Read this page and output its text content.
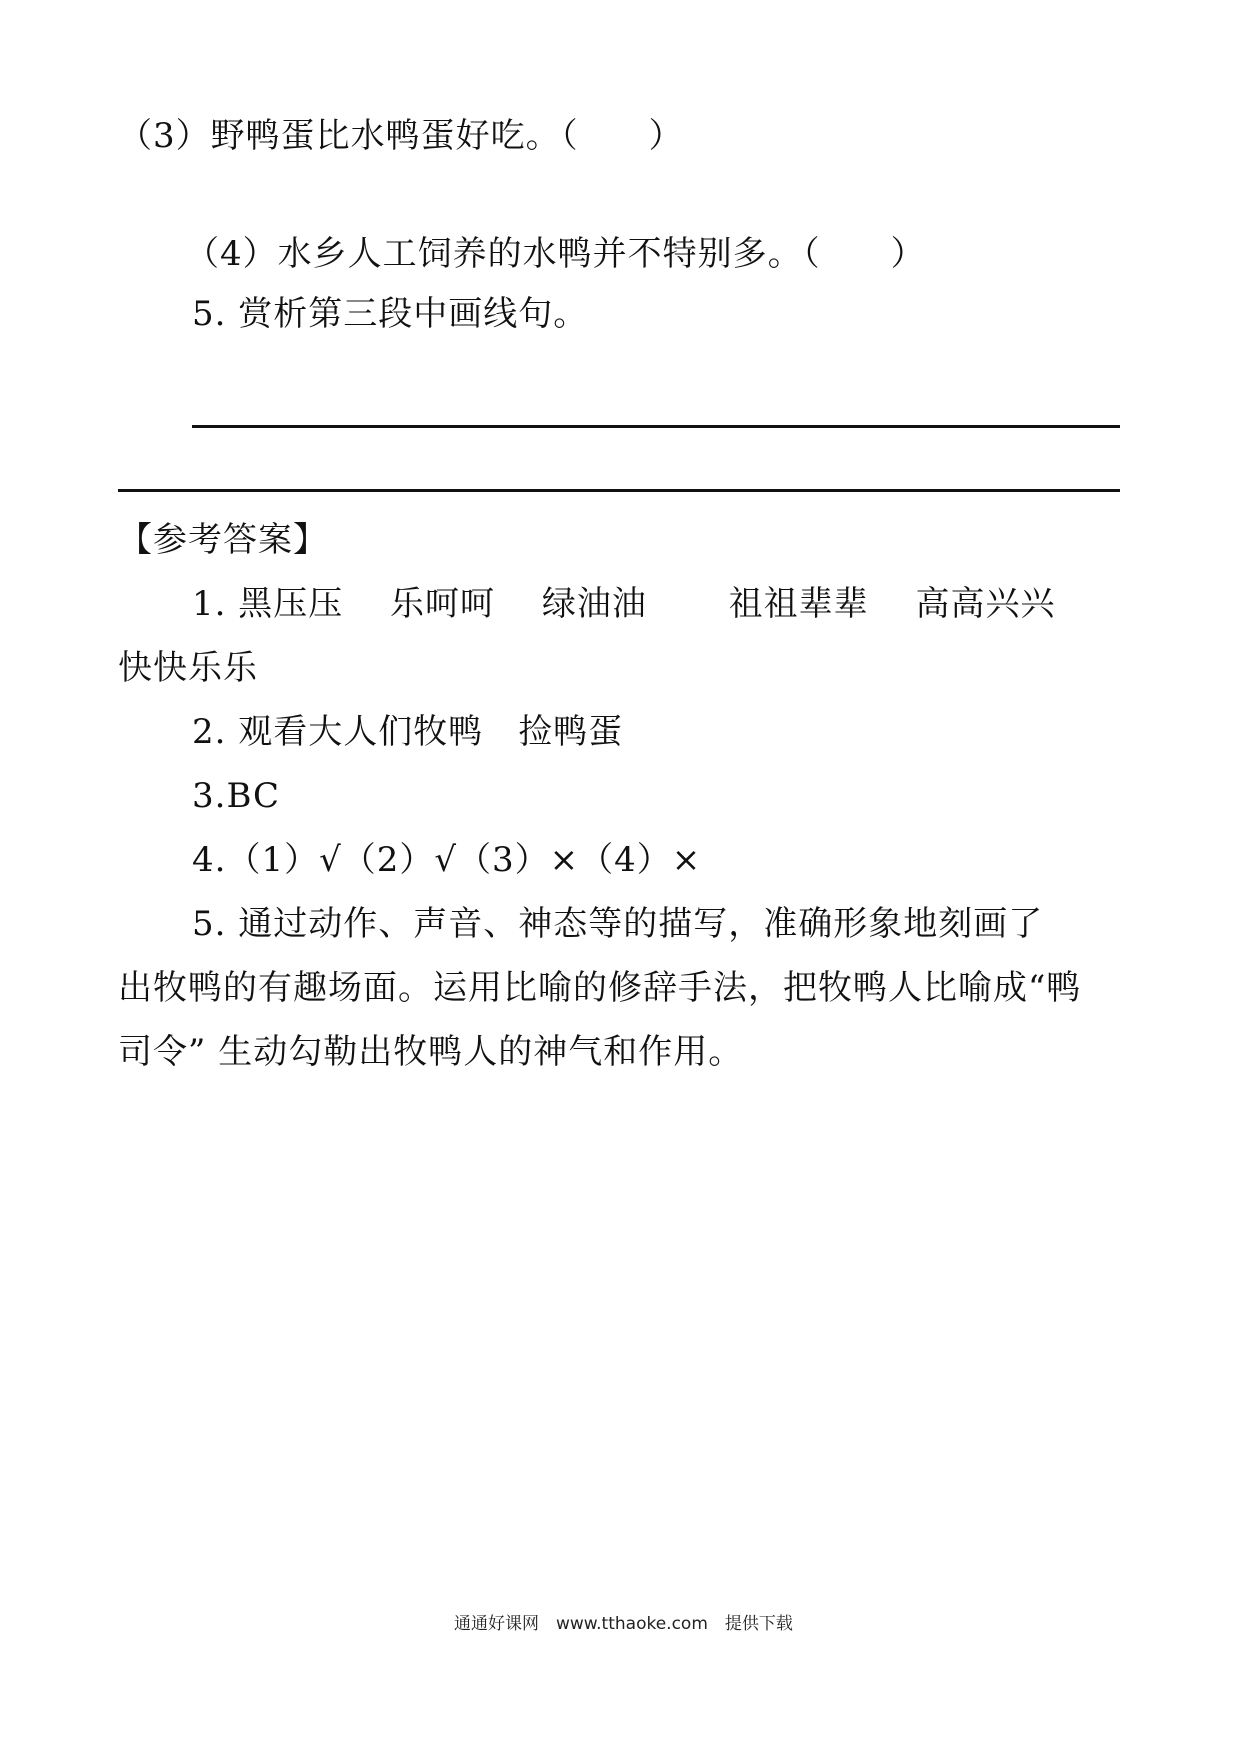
（3）野鸭蛋比水鸭蛋好吃。（　　）
（4）水乡人工饲养的水鸭并不特别多。（　　）
5. 赏析第三段中画线句。
【参考答案】
1. 黑压压　 乐呵呵　 绿油油　　 祖祖辈辈　 高高兴兴
快快乐乐
2. 观看大人们牧鸭　捡鸭蛋
3.BC
4.（1）√（2）√（3）×（4）×
5. 通过动作、声音、神态等的描写，准确形象地刻画了
出牧鸭的有趣场面。运用比喻的修辞手法，把牧鸭人比喻成“鸭
司令” 生动勾勒出牧鸭人的神气和作用。
通通好课网　www.tthaoke.com　提供下载
